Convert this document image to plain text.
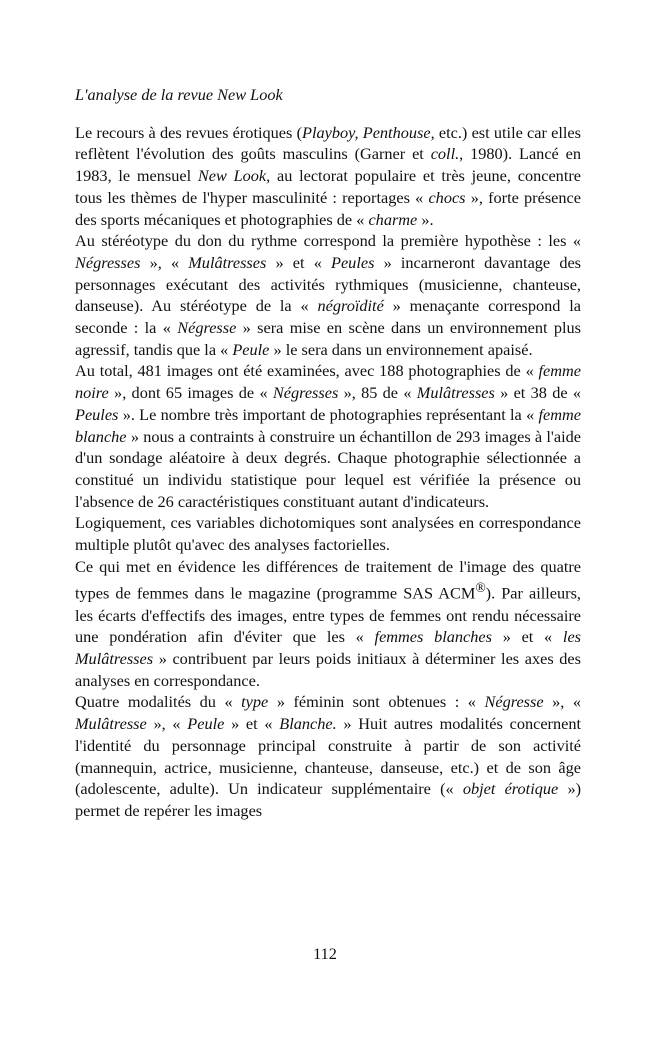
L'analyse de la revue New Look

Le recours à des revues érotiques (Playboy, Penthouse, etc.) est utile car elles reflètent l'évolution des goûts masculins (Garner et coll., 1980). Lancé en 1983, le mensuel New Look, au lectorat populaire et très jeune, concentre tous les thèmes de l'hyper masculinité : reportages « chocs », forte présence des sports mécaniques et photographies de « charme ».

Au stéréotype du don du rythme correspond la première hypothèse : les « Négresses », « Mulâtresses » et « Peules » incarneront davantage des personnages exécutant des activités rythmiques (musicienne, chanteuse, danseuse). Au stéréotype de la « négroïdité » menaçante correspond la seconde : la « Négresse » sera mise en scène dans un environnement plus agressif, tandis que la « Peule » le sera dans un environnement apaisé.

Au total, 481 images ont été examinées, avec 188 photographies de « femme noire », dont 65 images de « Négresses », 85 de « Mulâtresses » et 38 de « Peules ». Le nombre très important de photographies représentant la « femme blanche » nous a contraints à construire un échantillon de 293 images à l'aide d'un sondage aléatoire à deux degrés. Chaque photographie sélectionnée a constitué un individu statistique pour lequel est vérifiée la présence ou l'absence de 26 caractéristiques constituant autant d'indicateurs.

Logiquement, ces variables dichotomiques sont analysées en correspondance multiple plutôt qu'avec des analyses factorielles.

Ce qui met en évidence les différences de traitement de l'image des quatre types de femmes dans le magazine (programme SAS ACM®). Par ailleurs, les écarts d'effectifs des images, entre types de femmes ont rendu nécessaire une pondération afin d'éviter que les « femmes blanches » et « les Mulâtresses » contribuent par leurs poids initiaux à déterminer les axes des analyses en correspondance.

Quatre modalités du « type » féminin sont obtenues : « Négresse », « Mulâtresse », « Peule » et « Blanche. » Huit autres modalités concernent l'identité du personnage principal construite à partir de son activité (mannequin, actrice, musicienne, chanteuse, danseuse, etc.) et de son âge (adolescente, adulte). Un indicateur supplémentaire (« objet érotique ») permet de repérer les images

112
